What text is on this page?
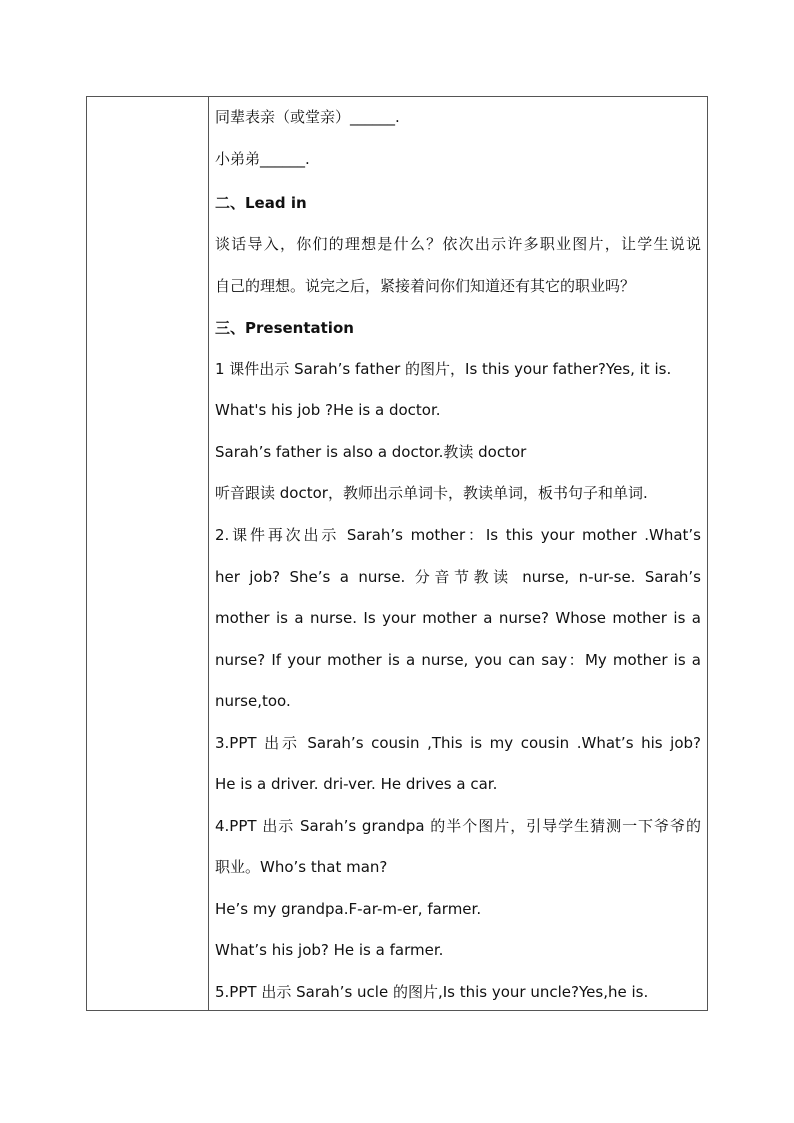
同辈表亲（或堂亲）______.
小弟弟______.
二、Lead in
谈话导入，你们的理想是什么？依次出示许多职业图片，让学生说说
自己的理想。说完之后，紧接着问你们知道还有其它的职业吗？
三、Presentation
1 课件出示 Sarah’s father 的图片，Is this your father?Yes, it is.
What's his job ?He is a doctor.
Sarah’s father is also a doctor.教读 doctor
听音跟读 doctor，教师出示单词卡，教读单词，板书句子和单词.
2.课件再次出示 Sarah’s mother：Is this your mother .What’s
her job? She’s a nurse. 分音节教读 nurse, n-ur-se. Sarah’s
mother is a nurse. Is your mother a nurse? Whose mother is a
nurse? If your mother is a nurse, you can say：My mother is a
nurse,too.
3.PPT 出示 Sarah’s cousin ,This is my cousin .What’s his job?
He is a driver. dri-ver. He drives a car.
4.PPT 出示 Sarah’s grandpa 的半个图片，引导学生猜测一下爷爷的
职业。Who’s that man?
He’s my grandpa.F-ar-m-er, farmer.
What’s his job? He is a farmer.
5.PPT 出示 Sarah’s ucle 的图片,Is this your uncle?Yes,he is.
